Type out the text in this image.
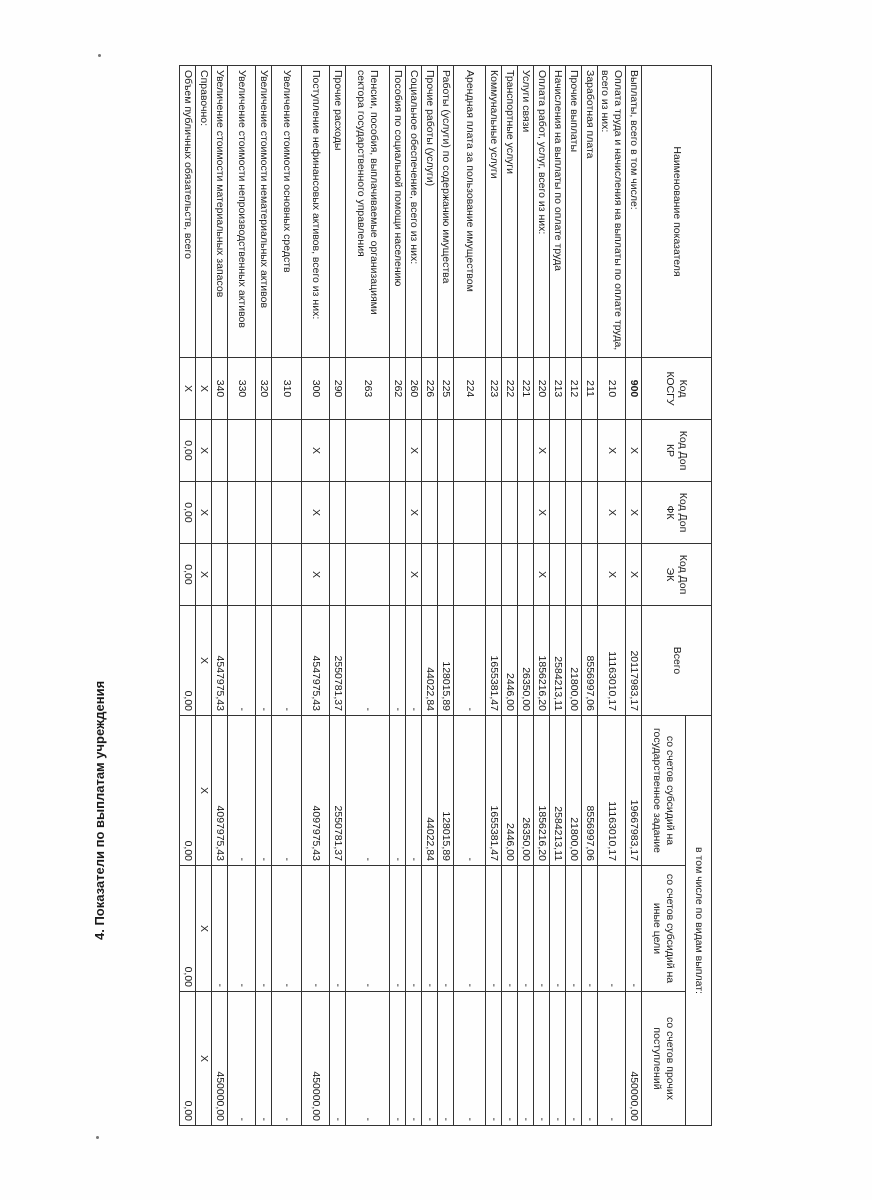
4. Показатели по выплатам учреждения
Наименование показателя	Код КОСГУ	Код Доп КР	Код Доп ФК	Код Доп ЭК	Всего	в том числе по видам выплат:		
						со счетов субсидий на государственное задание	со счетов субсидий на иные цели	со счетов прочих поступлений
Выплаты, всего в том числе:	900	X	X	X	20117983,17	19667983,17	-	450000,00
Оплата труда и начисления на выплаты по оплате труда, всего из них:	210	X	X	X	11163010,17	11163010,17	-	-
Заработная плата	211				8556997,06	8556997,06	-	-
Прочие выплаты	212				21800,00	21800,00	-	-
Начисления на выплаты по оплате труда	213				2584213,11	2584213,11	-	-
Оплата работ, услуг, всего из них:	220	X	X	X	1856216,20	1856216,20	-	-
Услуги связи	221				26350,00	26350,00	-	-
Транспортные услуги	222				2446,00	2446,00	-	-
Коммунальные услуги	223				1655381,47	1655381,47	-	-
Арендная плата за пользование имуществом	224				-	-	-	-
Работы (услуги) по содержанию имущества	225				128015,89	128015,89	-	-
Прочие работы (услуги)	226				44022,84	44022,84	-	-
Социальное обеспечение, всего из них:	260	X	X	X	-	-	-	-
Пособия по социальной помощи населению	262				-	-	-	-
Пенсии, пособия, выплачиваемые организациями сектора государственного управления	263				-	-	-	-
Прочие расходы	290				2550781,37	2550781,37	-	-
Поступление нефинансовых активов, всего из них:	300	X	X	X	4547975,43	4097975,43	-	450000,00
Увеличение стоимости основных средств	310				-	-	-	-
Увеличение стоимости нематериальных активов	320				-	-	-	-
Увеличение стоимости непроизводственных активов	330				-	-	-	-
Увеличение стоимости материальных запасов	340				4547975,43	4097975,43	-	450000,00
Справочно:	X	X	X	X	X	X	X	X
Объем публичных обязательств, всего	X	0,00	0,00	0,00	0,00	0,00	0,00	0,00
